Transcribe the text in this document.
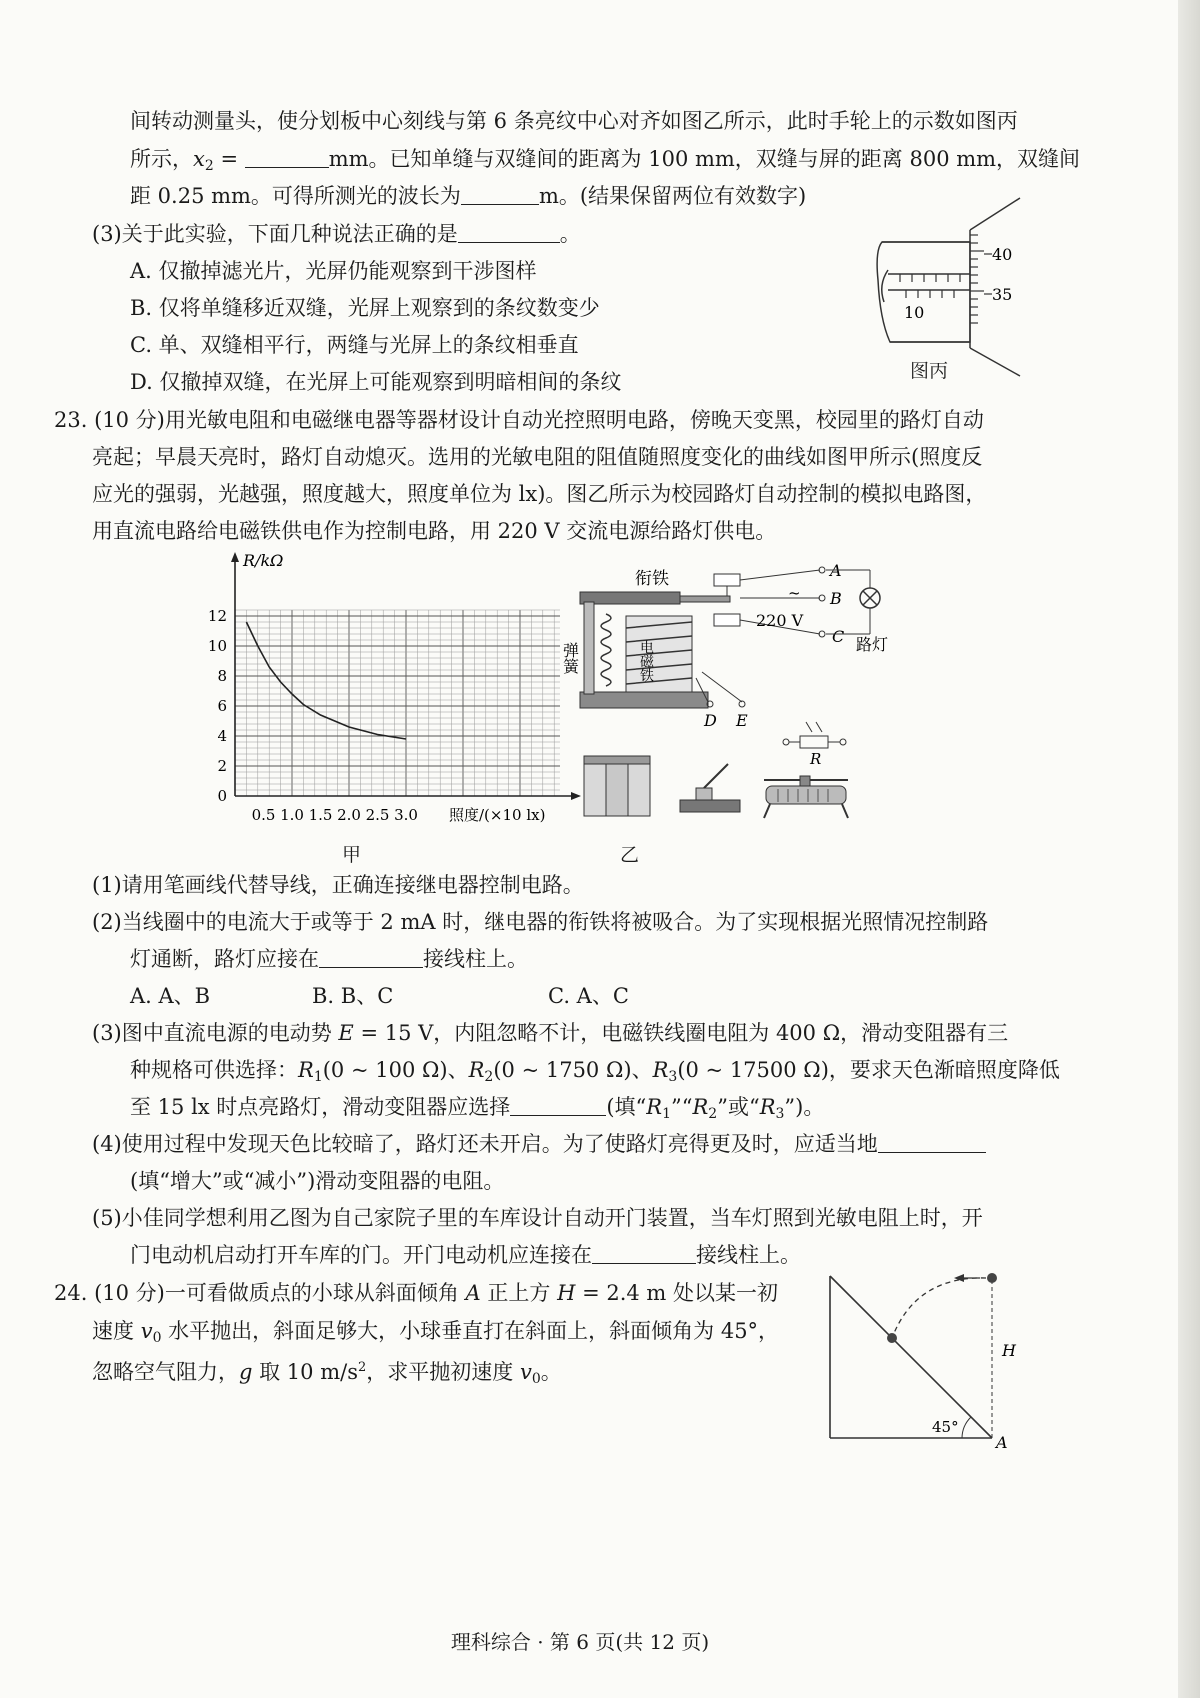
间转动测量头，使分划板中心刻线与第 6 条亮纹中心对齐如图乙所示，此时手轮上的示数如图丙
所示，$x_2$ =	mm。已知单缝与双缝间的距离为 100 mm，双缝与屏的距离 800 mm，双缝间
距 0.25 mm。可得所测光的波长为	m。(结果保留两位有效数字)
(3)关于此实验，下面几种说法正确的是	。
A. 仅撤掉滤光片，光屏仍能观察到干涉图样
B. 仅将单缝移近双缝，光屏上观察到的条纹数变少
C. 单、双缝相平行，两缝与光屏上的条纹相垂直
D. 仅撤掉双缝，在光屏上可能观察到明暗相间的条纹
40
35
10
图丙
23. (10 分)用光敏电阻和电磁继电器等器材设计自动光控照明电路，傍晚天变黑，校园里的路灯自动
亮起；早晨天亮时，路灯自动熄灭。选用的光敏电阻的阻值随照度变化的曲线如图甲所示(照度反
应光的强弱，光越强，照度越大，照度单位为 lx)。图乙所示为校园路灯自动控制的模拟电路图，
用直流电路给电磁铁供电作为控制电路，用 220 V 交流电源给路灯供电。
R/kΩ
0
2
4
6
8
10
12
0.5 1.0 1.5 2.0 2.5 3.0 照度/(×10 lx)
甲
电磁铁
衔铁
弹簧
A
B
C
~
220 V
路灯
D E
R
乙
(1)请用笔画线代替导线，正确连接继电器控制电路。
(2)当线圈中的电流大于或等于 2 mA 时，继电器的衔铁将被吸合。为了实现根据光照情况控制路
灯通断，路灯应接在	接线柱上。
A. A、B	B. B、C	C. A、C
(3)图中直流电源的电动势 E = 15 V，内阻忽略不计，电磁铁线圈电阻为 400 Ω，滑动变阻器有三
种规格可供选择：$R_1(0$ ~ 100 Ω)、$R_2(0$ ~ 1750 Ω)、$R_3(0$ ~ 17500 Ω)，要求天色渐暗照度降低
至 15 lx 时点亮路灯，滑动变阻器应选择	(填“$R_1”“R_2$”或“$R_3$”)。
(4)使用过程中发现天色比较暗了，路灯还未开启。为了使路灯亮得更及时，应适当地
(填“增大”或“减小”)滑动变阻器的电阻。
(5)小佳同学想利用乙图为自己家院子里的车库设计自动开门装置，当车灯照到光敏电阻上时，开
门电动机启动打开车库的门。开门电动机应连接在	接线柱上。
24. (10 分)一可看做质点的小球从斜面倾角 A 正上方 H = 2.4 m 处以某一初
速度 $v_0$ 水平抛出，斜面足够大，小球垂直打在斜面上，斜面倾角为 45°，
忽略空气阻力，g 取 10 $m/s^2$，求平抛初速度 $v_0$。
45°
H
A
理科综合 · 第 6 页(共 12 页)
